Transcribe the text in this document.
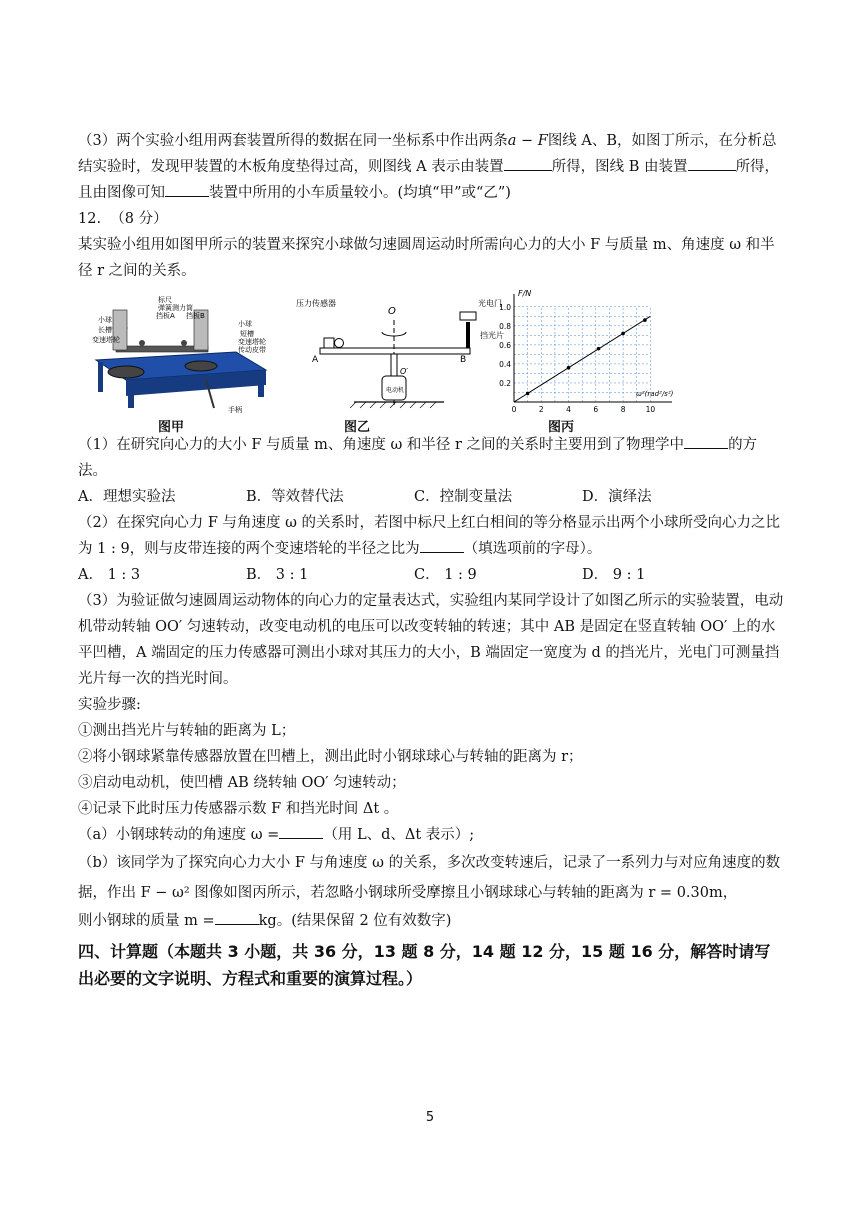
（3）两个实验小组用两套装置所得的数据在同一坐标系中作出两条a − F图线 A、B，如图丁所示，在分析总结实验时，发现甲装置的木板角度垫得过高，则图线 A 表示由装置	所得，图线 B 由装置	所得，且由图像可知	装置中所用的小车质量较小。(均填“甲”或“乙”)

12. （8 分）

某实验小组用如图甲所示的装置来探究小球做匀速圆周运动时所需向心力的大小 F 与质量 m、角速度 ω 和半径 r 之间的关系。

标尺
弹簧测力筒
挡板A 挡板B
小球
长槽
变速塔轮
小球
短槽
变速塔轮
传动皮带
手柄
图甲
压力传感器
O
光电门
A	B
挡光片
O′
电动机
图乙
F/N
ω²(rad²/s²)
0	2	4	6	8	10
0.2
0.4
0.6
0.8
1.0
图丙

（1）在研究向心力的大小 F 与质量 m、角速度 ω 和半径 r 之间的关系时主要用到了物理学中	的方法。

A．理想实验法	B．等效替代法	C．控制变量法	D．演绎法

（2）在探究向心力 F 与角速度 ω 的关系时，若图中标尺上红白相间的等分格显示出两个小球所受向心力之比为 1 : 9，则与皮带连接的两个变速塔轮的半径之比为	（填选项前的字母）。

A． 1 : 3	B． 3 : 1	C． 1 : 9	D． 9 : 1

（3）为验证做匀速圆周运动物体的向心力的定量表达式，实验组内某同学设计了如图乙所示的实验装置，电动机带动转轴 OO′ 匀速转动，改变电动机的电压可以改变转轴的转速；其中 AB 是固定在竖直转轴 OO′ 上的水平凹槽，A 端固定的压力传感器可测出小球对其压力的大小，B 端固定一宽度为 d 的挡光片，光电门可测量挡光片每一次的挡光时间。

实验步骤:

①测出挡光片与转轴的距离为 L；

②将小钢球紧靠传感器放置在凹槽上，测出此时小钢球球心与转轴的距离为 r；

③启动电动机，使凹槽 AB 绕转轴 OO′ 匀速转动；

④记录下此时压力传感器示数 F 和挡光时间 Δt 。

（a）小钢球转动的角速度 ω =	（用 L、d、Δt 表示）;

（b）该同学为了探究向心力大小 F 与角速度 ω 的关系，多次改变转速后，记录了一系列力与对应角速度的数据，作出 F − ω² 图像如图丙所示，若忽略小钢球所受摩擦且小钢球球心与转轴的距离为 r = 0.30m，

则小钢球的质量 m =	kg。(结果保留 2 位有效数字)

四、计算题（本题共 3 小题，共 36 分，13 题 8 分，14 题 12 分，15 题 16 分，解答时请写出必要的文字说明、方程式和重要的演算过程。）

5
